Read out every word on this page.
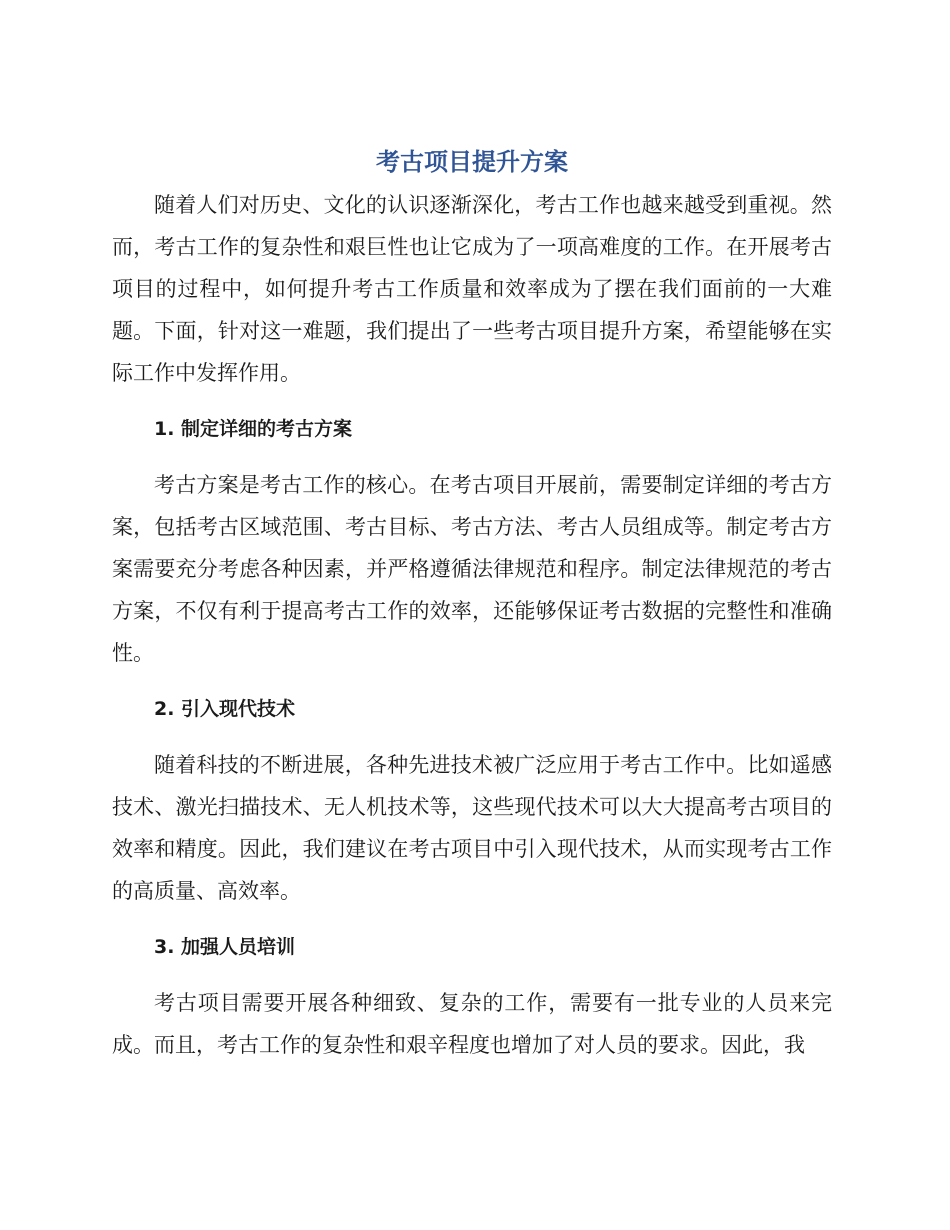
考古项目提升方案

随着人们对历史、文化的认识逐渐深化，考古工作也越来越受到重视。然而，考古工作的复杂性和艰巨性也让它成为了一项高难度的工作。在开展考古项目的过程中，如何提升考古工作质量和效率成为了摆在我们面前的一大难题。下面，针对这一难题，我们提出了一些考古项目提升方案，希望能够在实际工作中发挥作用。

1. 制定详细的考古方案

考古方案是考古工作的核心。在考古项目开展前，需要制定详细的考古方案，包括考古区域范围、考古目标、考古方法、考古人员组成等。制定考古方案需要充分考虑各种因素，并严格遵循法律规范和程序。制定法律规范的考古方案，不仅有利于提高考古工作的效率，还能够保证考古数据的完整性和准确性。

2. 引入现代技术

随着科技的不断进展，各种先进技术被广泛应用于考古工作中。比如遥感技术、激光扫描技术、无人机技术等，这些现代技术可以大大提高考古项目的效率和精度。因此，我们建议在考古项目中引入现代技术，从而实现考古工作的高质量、高效率。

3. 加强人员培训

考古项目需要开展各种细致、复杂的工作，需要有一批专业的人员来完成。而且，考古工作的复杂性和艰辛程度也增加了对人员的要求。因此，我
